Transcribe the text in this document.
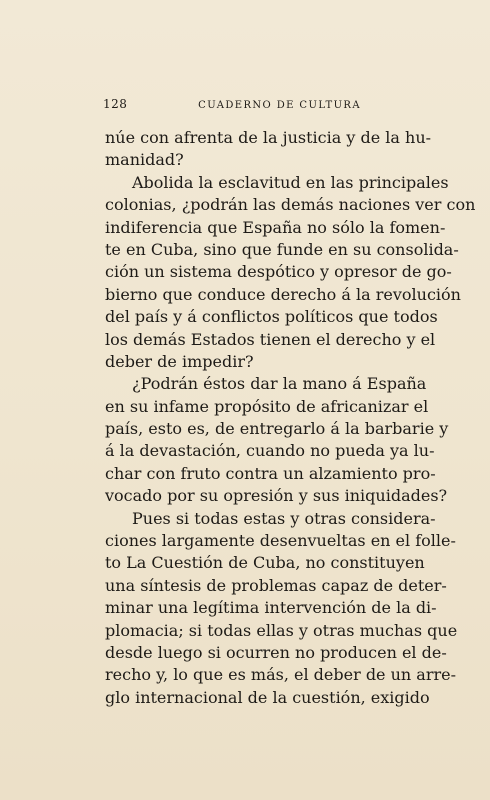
128	CUADERNO DE CULTURA
núe con afrenta de la justicia y de la hu-
manidad?
Abolida la esclavitud en las principales
colonias, ¿podrán las demás naciones ver con
indiferencia que España no sólo la fomen-
te en Cuba, sino que funde en su consolida-
ción un sistema despótico y opresor de go-
bierno que conduce derecho á la revolución
del país y á conflictos políticos que todos
los demás Estados tienen el derecho y el
deber de impedir?
¿Podrán éstos dar la mano á España
en su infame propósito de africanizar el
país, esto es, de entregarlo á la barbarie y
á la devastación, cuando no pueda ya lu-
char con fruto contra un alzamiento pro-
vocado por su opresión y sus iniquidades?
Pues si todas estas y otras considera-
ciones largamente desenvueltas en el folle-
to La Cuestión de Cuba, no constituyen
una síntesis de problemas capaz de deter-
minar una legítima intervención de la di-
plomacia; si todas ellas y otras muchas que
desde luego si ocurren no producen el de-
recho y, lo que es más, el deber de un arre-
glo internacional de la cuestión, exigido
